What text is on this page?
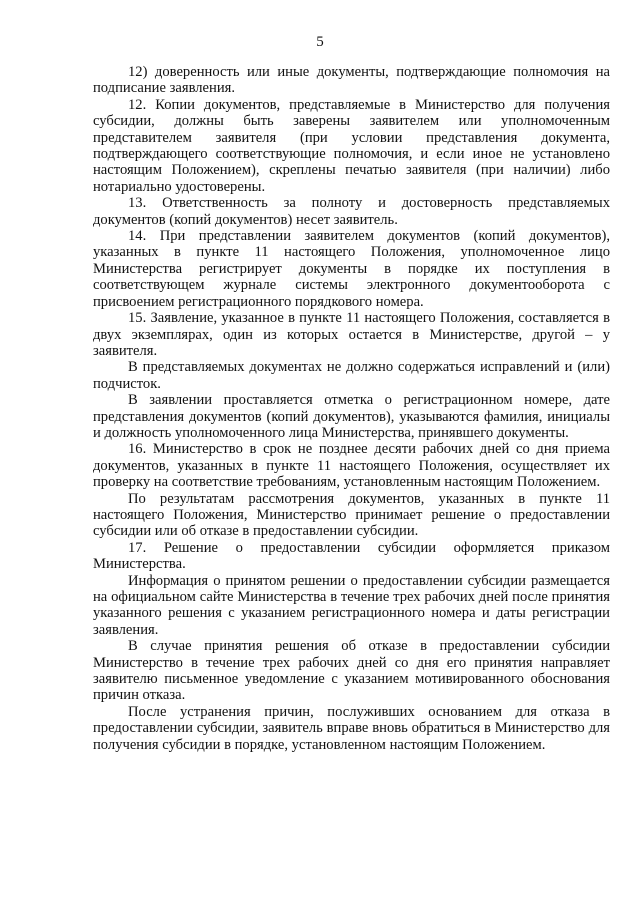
5

12) доверенность или иные документы, подтверждающие полномочия на подписание заявления.

12. Копии документов, представляемые в Министерство для получения субсидии, должны быть заверены заявителем или уполномоченным представителем заявителя (при условии представления документа, подтверждающего соответствующие полномочия, и если иное не установлено настоящим Положением), скреплены печатью заявителя (при наличии) либо нотариально удостоверены.

13. Ответственность за полноту и достоверность представляемых документов (копий документов) несет заявитель.

14. При представлении заявителем документов (копий документов), указанных в пункте 11 настоящего Положения, уполномоченное лицо Министерства регистрирует документы в порядке их поступления в соответствующем журнале системы электронного документооборота с присвоением регистрационного порядкового номера.

15. Заявление, указанное в пункте 11 настоящего Положения, составляется в двух экземплярах, один из которых остается в Министерстве, другой – у заявителя.

В представляемых документах не должно содержаться исправлений и (или) подчисток.

В заявлении проставляется отметка о регистрационном номере, дате представления документов (копий документов), указываются фамилия, инициалы и должность уполномоченного лица Министерства, принявшего документы.

16. Министерство в срок не позднее десяти рабочих дней со дня приема документов, указанных в пункте 11 настоящего Положения, осуществляет их проверку на соответствие требованиям, установленным настоящим Положением.

По результатам рассмотрения документов, указанных в пункте 11 настоящего Положения, Министерство принимает решение о предоставлении субсидии или об отказе в предоставлении субсидии.

17. Решение о предоставлении субсидии оформляется приказом Министерства.

Информация о принятом решении о предоставлении субсидии размещается на официальном сайте Министерства в течение трех рабочих дней после принятия указанного решения с указанием регистрационного номера и даты регистрации заявления.

В случае принятия решения об отказе в предоставлении субсидии Министерство в течение трех рабочих дней со дня его принятия направляет заявителю письменное уведомление с указанием мотивированного обоснования причин отказа.

После устранения причин, послуживших основанием для отказа в предоставлении субсидии, заявитель вправе вновь обратиться в Министерство для получения субсидии в порядке, установленном настоящим Положением.
